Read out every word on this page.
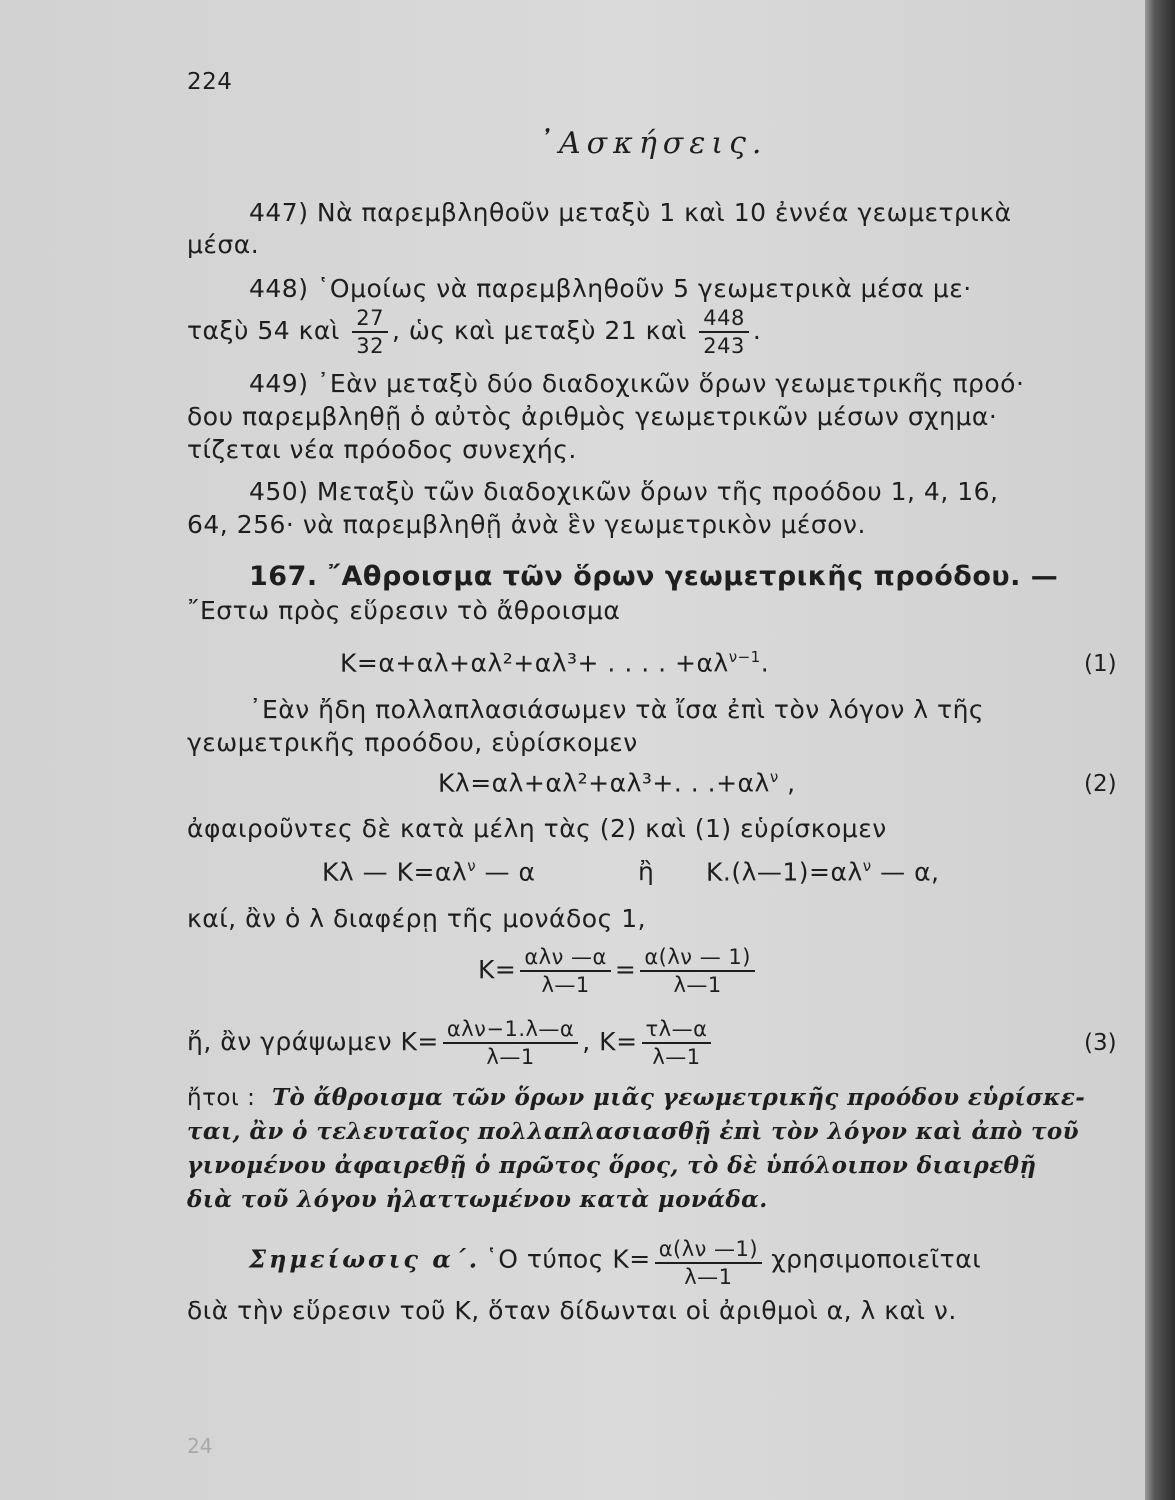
224
᾿Ασκήσεις.
447) Νὰ παρεμβληθοῦν μεταξὺ 1 καὶ 10 ἐννέα γεωμετρικὰ
μέσα.
448) ῾Ομοίως νὰ παρεμβληθοῦν 5 γεωμετρικὰ μέσα με·
ταξὺ 54 καὶ $\frac{27}{32}$ , ὡς καὶ μεταξὺ 21 καὶ $\frac{448}{243}$ .
449) ᾿Εὰν μεταξὺ δύο διαδοχικῶν ὅρων γεωμετρικῆς προό·
δου παρεμβληθῇ ὁ αὐτὸς ἀριθμὸς γεωμετρικῶν μέσων σχημα·
τίζεται νέα πρόοδος συνεχής.
450) Μεταξὺ τῶν διαδοχικῶν ὅρων τῆς προόδου 1, 4, 16,
64, 256· νὰ παρεμβληθῇ ἀνὰ ἓν γεωμετρικὸν μέσον.
167. ῎Αθροισμα τῶν ὅρων γεωμετρικῆς προόδου. —
῎Εστω πρὸς εὕρεσιν τὸ ἄθροισμα
Κ=α+αλ+αλ²+αλ³+ . . . . $+\alpha\lambda^{\nu-1}$.	(1)
᾿Εὰν ἤδη πολλαπλασιάσωμεν τὰ ἴσα ἐπὶ τὸν λόγον λ τῆς
γεωμετρικῆς προόδου, εὑρίσκομεν
Κλ=αλ+αλ²+αλ³+. . $.+\alpha\lambda^\nu$ ,	(2)
ἀφαιροῦντες δὲ κατὰ μέλη τὰς (2) καὶ (1) εὑρίσκομεν
Κλ — $K=\alpha\lambda^\nu$ — α	ἢ $K.(\lambda—1)=\alpha\lambda^\nu$ — α,
καί, ἂν ὁ λ διαφέρῃ τῆς μονάδος 1,
$K= \frac{\text{αλν —α}}{\lambda—1} = \frac{\alpha(\lambda\nu — 1)}{\lambda—1}$
ἤ, ἂν γράψωμεν $K= \frac{\text{αλν−1.λ—α}}{\lambda—1}$ , $K= \frac{\tau\lambda—\alpha}{\lambda—1}$	(3)
ἤτοι : Τὸ ἄθροισμα τῶν ὅρων μιᾶς γεωμετρικῆς προόδου εὑρίσκε-
ται, ἂν ὁ τελευταῖος πολλαπλασιασθῇ ἐπὶ τὸν λόγον καὶ ἀπὸ τοῦ
γινομένου ἀφαιρεθῇ ὁ πρῶτος ὅρος, τὸ δὲ ὑπόλοιπον διαιρεθῇ
διὰ τοῦ λόγου ἠλαττωμένου κατὰ μονάδα.
Σημείωσις α΄. ῾Ο τύπος $K= \frac{\alpha(\lambda\nu —1)}{\lambda—1}$ χρησιμοποιεῖται
διὰ τὴν εὕρεσιν τοῦ Κ, ὅταν δίδωνται οἱ ἀριθμοὶ α, λ καὶ ν.
24
